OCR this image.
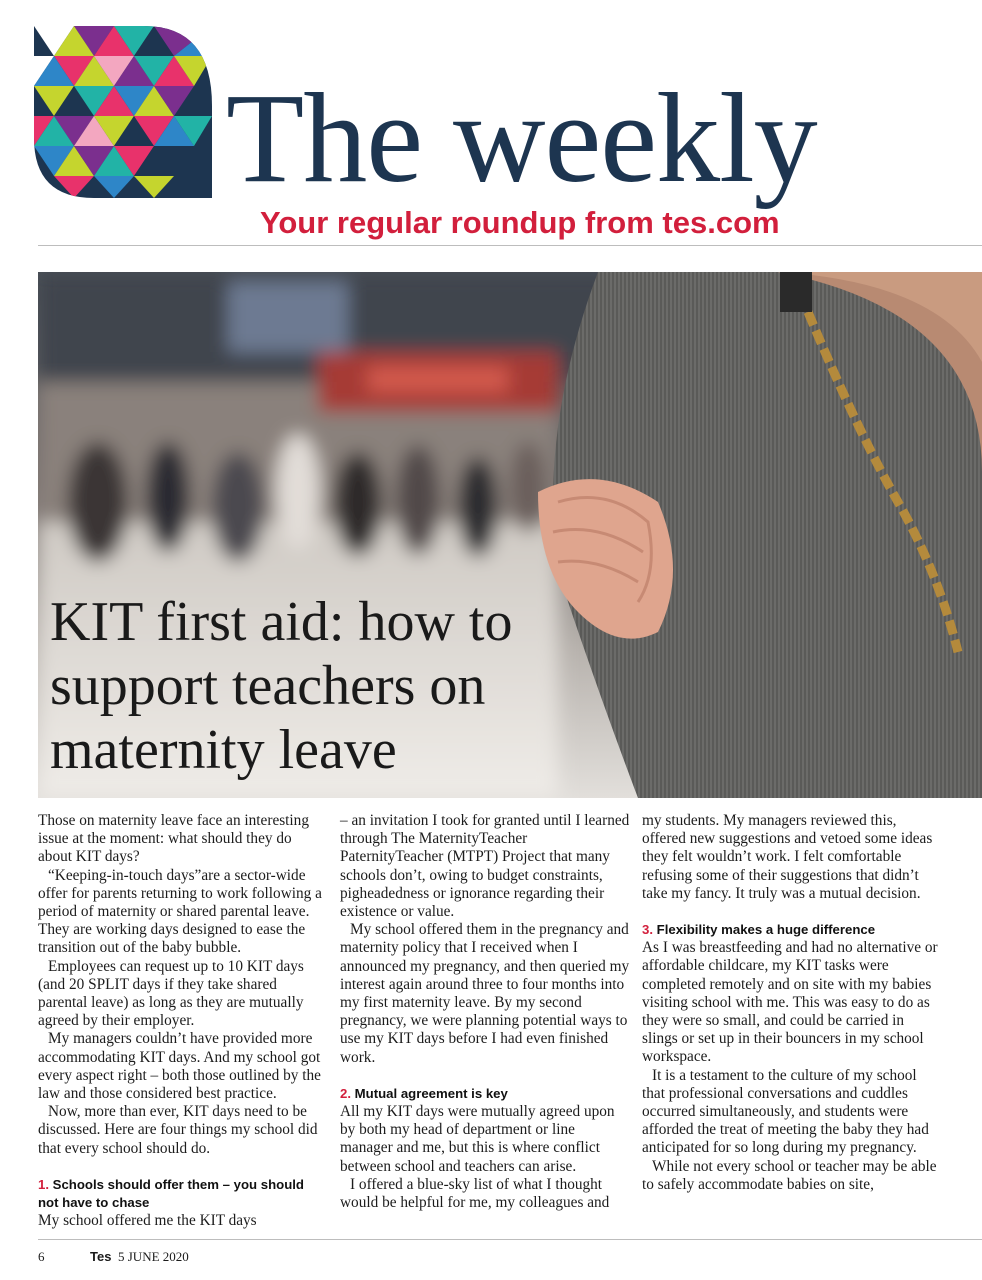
The weekly

Your regular roundup from tes.com

KIT first aid: how to support teachers on maternity leave

Those on maternity leave face an interesting issue at the moment: what should they do about KIT days?

“Keeping-in-touch days”are a sector-wide offer for parents returning to work following a period of maternity or shared parental leave. They are working days designed to ease the transition out of the baby bubble.

Employees can request up to 10 KIT days (and 20 SPLIT days if they take shared parental leave) as long as they are mutually agreed by their employer.

My managers couldn’t have provided more accommodating KIT days. And my school got every aspect right – both those outlined by the law and those considered best practice.

Now, more than ever, KIT days need to be discussed. Here are four things my school did that every school should do.

1. Schools should offer them – you should not have to chase

My school offered me the KIT days

– an invitation I took for granted until I learned through The MaternityTeacher PaternityTeacher (MTPT) Project that many schools don’t, owing to budget constraints, pigheadedness or ignorance regarding their existence or value.

My school offered them in the pregnancy and maternity policy that I received when I announced my pregnancy, and then queried my interest again around three to four months into my first maternity leave. By my second pregnancy, we were planning potential ways to use my KIT days before I had even finished work.

2. Mutual agreement is key

All my KIT days were mutually agreed upon by both my head of department or line manager and me, but this is where conflict between school and teachers can arise.

I offered a blue-sky list of what I thought would be helpful for me, my colleagues and

my students. My managers reviewed this, offered new suggestions and vetoed some ideas they felt wouldn’t work. I felt comfortable refusing some of their suggestions that didn’t take my fancy. It truly was a mutual decision.

3. Flexibility makes a huge difference

As I was breastfeeding and had no alternative or affordable childcare, my KIT tasks were completed remotely and on site with my babies visiting school with me. This was easy to do as they were so small, and could be carried in slings or set up in their bouncers in my school workspace.

It is a testament to the culture of my school that professional conversations and cuddles occurred simultaneously, and students were afforded the treat of meeting the baby they had anticipated for so long during my pregnancy.

While not every school or teacher may be able to safely accommodate babies on site,

6	Tes 5 JUNE 2020
